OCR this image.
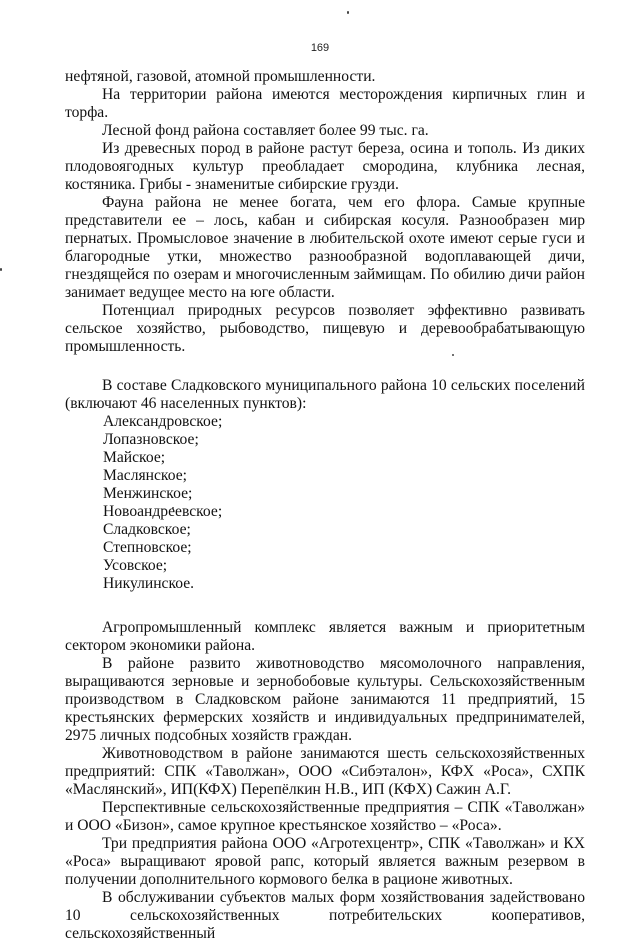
169

нефтяной, газовой, атомной промышленности.

На территории района имеются месторождения кирпичных глин и торфа.

Лесной фонд района составляет более 99 тыс. га.

Из древесных пород в районе растут береза, осина и тополь. Из диких плодовоягодных культур преобладает смородина, клубника лесная, костяника. Грибы - знаменитые сибирские грузди.

Фауна района не менее богата, чем его флора. Самые крупные представители ее – лось, кабан и сибирская косуля. Разнообразен мир пернатых. Промысловое значение в любительской охоте имеют серые гуси и благородные утки, множество разнообразной водоплавающей дичи, гнездящейся по озерам и многочисленным займищам. По обилию дичи район занимает ведущее место на юге области.

Потенциал природных ресурсов позволяет эффективно развивать сельское хозяйство, рыбоводство, пищевую и деревообрабатывающую промышленность.

В составе Сладковского муниципального района 10 сельских поселений (включают 46 населенных пунктов):

Александровское;
Лопазновское;
Майское;
Маслянское;
Менжинское;
Новоандреевское;
Сладковское;
Степновское;
Усовское;
Никулинское.

Агропромышленный комплекс является важным и приоритетным сектором экономики района.

В районе развито животноводство мясомолочного направления, выращиваются зерновые и зернобобовые культуры. Сельскохозяйственным производством в Сладковском районе занимаются 11 предприятий, 15 крестьянских фермерских хозяйств и индивидуальных предпринимателей, 2975 личных подсобных хозяйств граждан.

Животноводством в районе занимаются шесть сельскохозяйственных предприятий: СПК «Таволжан», ООО «Сибэталон», КФХ «Роса», СХПК «Маслянский», ИП(КФХ) Перепёлкин Н.В., ИП (КФХ) Сажин А.Г.

Перспективные сельскохозяйственные предприятия – СПК «Таволжан» и ООО «Бизон», самое крупное крестьянское хозяйство – «Роса».

Три предприятия района ООО «Агротехцентр», СПК «Таволжан» и КХ «Роса» выращивают яровой рапс, который является важным резервом в получении дополнительного кормового белка в рационе животных.

В обслуживании субъектов малых форм хозяйствования задействовано 10 сельскохозяйственных потребительских кооперативов, сельскохозяйственный
